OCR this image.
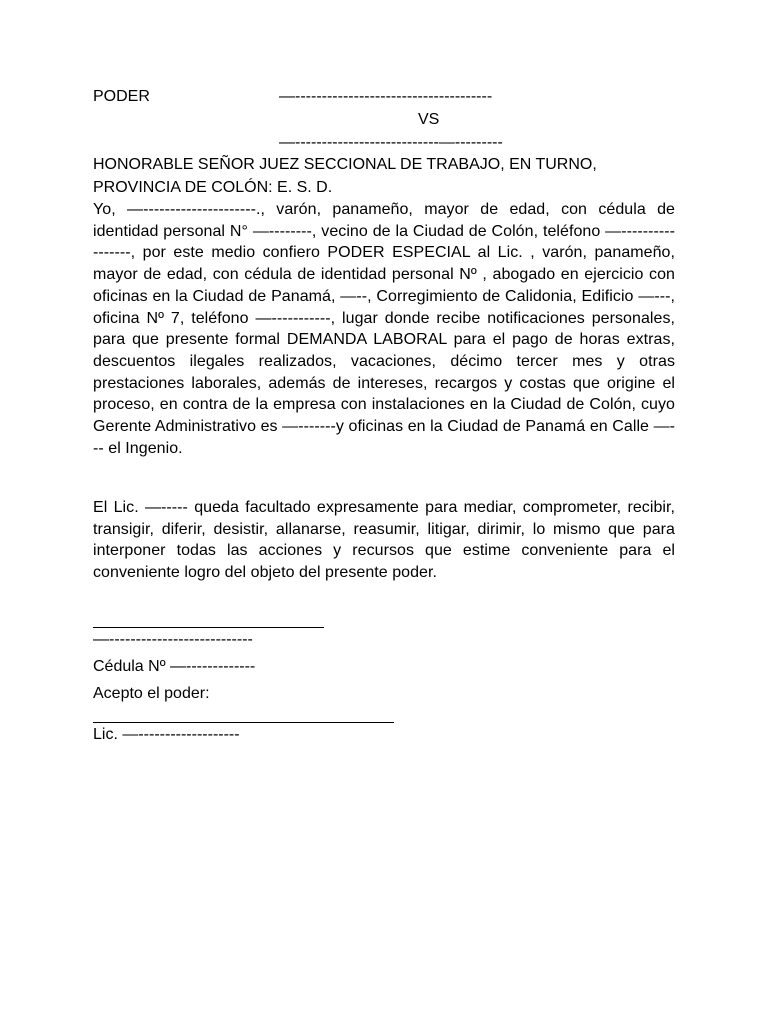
PODER	—-------------------------------------
VS
—---------------------------—---------
HONORABLE SEÑOR JUEZ SECCIONAL DE TRABAJO, EN TURNO,
PROVINCIA DE COLÓN: E. S. D.
Yo, —---------------------., varón, panameño, mayor de edad, con cédula de identidad personal N° —--------, vecino de la Ciudad de Colón, teléfono —-----------------, por este medio confiero PODER ESPECIAL al Lic. , varón, panameño, mayor de edad, con cédula de identidad personal Nº , abogado en ejercicio con oficinas en la Ciudad de Panamá, —--, Corregimiento de Calidonia, Edificio —---, oficina Nº 7, teléfono —-----------, lugar donde recibe notificaciones personales, para que presente formal DEMANDA LABORAL para el pago de horas extras, descuentos ilegales realizados, vacaciones, décimo tercer mes y otras prestaciones laborales, además de intereses, recargos y costas que origine el proceso, en contra de la empresa con instalaciones en la Ciudad de Colón, cuyo Gerente Administrativo es —-------y oficinas en la Ciudad de Panamá en Calle —--- el Ingenio.
El Lic. —----- queda facultado expresamente para mediar, comprometer, recibir, transigir, diferir, desistir, allanarse, reasumir, litigar, dirimir, lo mismo que para interponer todas las acciones y recursos que estime conveniente para el conveniente logro del objeto del presente poder.
—---------------------------
Cédula Nº —-------------
Acepto el poder:
Lic. —-------------------
